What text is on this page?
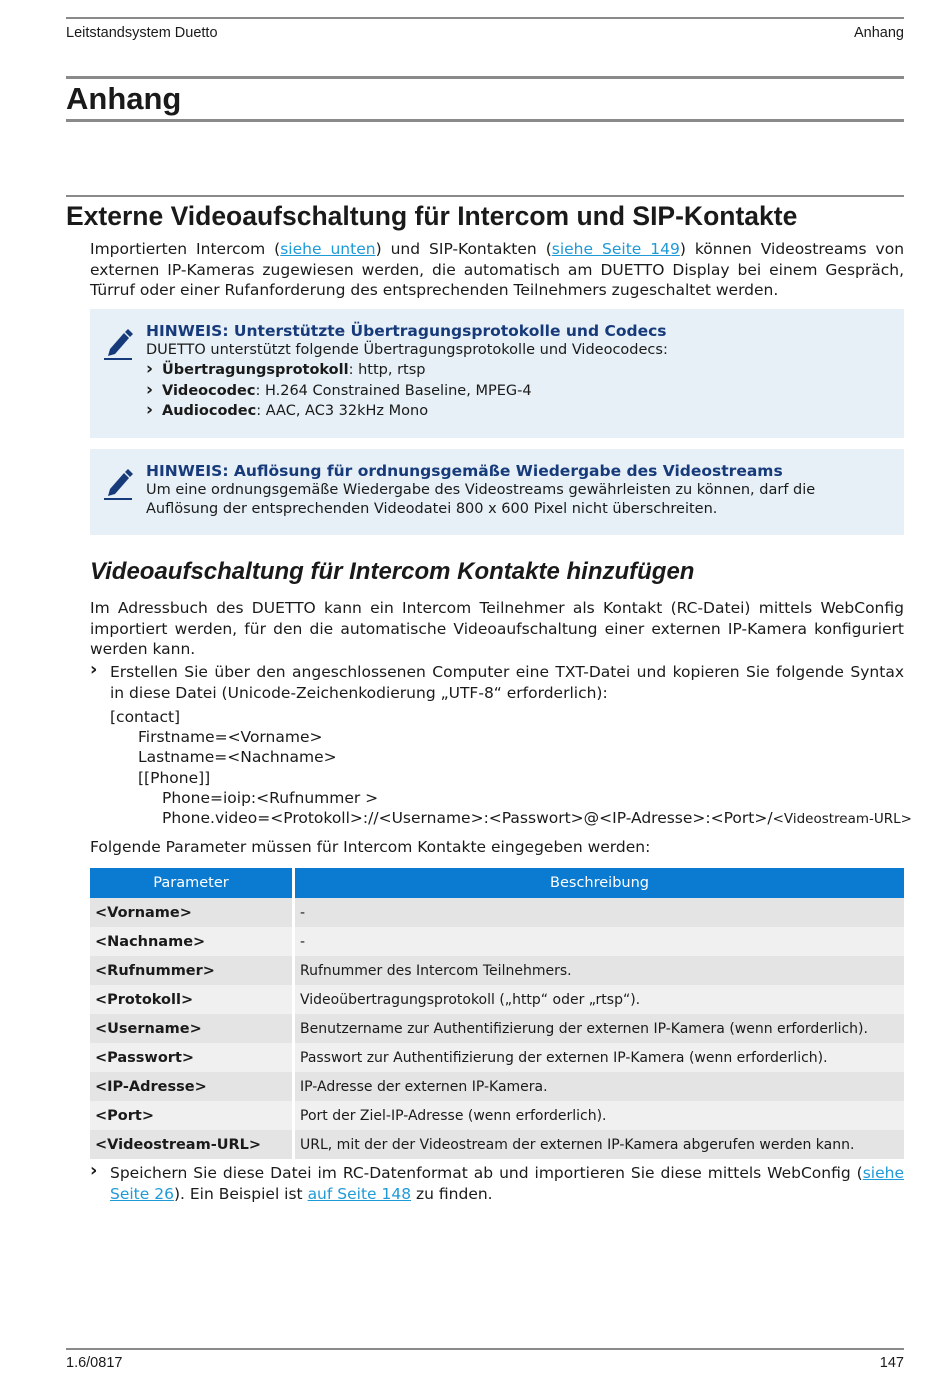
Leitstandsystem Duetto	Anhang
Anhang
Externe Videoaufschaltung für Intercom und SIP-Kontakte
Importierten Intercom (siehe unten) und SIP-Kontakten (siehe Seite 149) können Videostreams von externen IP-Kameras zugewiesen werden, die automatisch am DUETTO Display bei einem Gespräch, Türruf oder einer Rufanforderung des entsprechenden Teilnehmers zugeschaltet werden.
HINWEIS: Unterstützte Übertragungsprotokolle und Codecs

DUETTO unterstützt folgende Übertragungsprotokolle und Videocodecs:

› Übertragungsprotokoll: http, rtsp
› Videocodec: H.264 Constrained Baseline, MPEG-4
› Audiocodec: AAC, AC3 32kHz Mono
HINWEIS: Auflösung für ordnungsgemäße Wiedergabe des Videostreams

Um eine ordnungsgemäße Wiedergabe des Videostreams gewährleisten zu können, darf die Auflösung der entsprechenden Videodatei 800 x 600 Pixel nicht überschreiten.

Videoaufschaltung für Intercom Kontakte hinzufügen
Im Adressbuch des DUETTO kann ein Intercom Teilnehmer als Kontakt (RC-Datei) mittels WebConfig importiert werden, für den die automatische Videoaufschaltung einer externen IP-Kamera konfiguriert werden kann.
› Erstellen Sie über den angeschlossenen Computer eine TXT-Datei und kopieren Sie folgende Syntax in diese Datei (Unicode-Zeichenkodierung „UTF-8“ erforderlich):
[contact]
Firstname=<Vorname>
Lastname=<Nachname>
[[Phone]]
Phone=ioip:<Rufnummer >
Phone.video=<Protokoll>://<Username>:<Passwort>@<IP-Adresse>:<Port>/<Videostream-URL>
Folgende Parameter müssen für Intercom Kontakte eingegeben werden:
Parameter	Beschreibung
<Vorname>	-
<Nachname>	-
<Rufnummer>	Rufnummer des Intercom Teilnehmers.
<Protokoll>	Videoübertragungsprotokoll („http“ oder „rtsp“).
<Username>	Benutzername zur Authentifizierung der externen IP-Kamera (wenn erforderlich).
<Passwort>	Passwort zur Authentifizierung der externen IP-Kamera (wenn erforderlich).
<IP-Adresse>	IP-Adresse der externen IP-Kamera.
<Port>	Port der Ziel-IP-Adresse (wenn erforderlich).
<Videostream-URL>	URL, mit der der Videostream der externen IP-Kamera abgerufen werden kann.
› Speichern Sie diese Datei im RC-Datenformat ab und importieren Sie diese mittels WebConfig (siehe Seite 26). Ein Beispiel ist auf Seite 148 zu finden.
1.6/0817	147
